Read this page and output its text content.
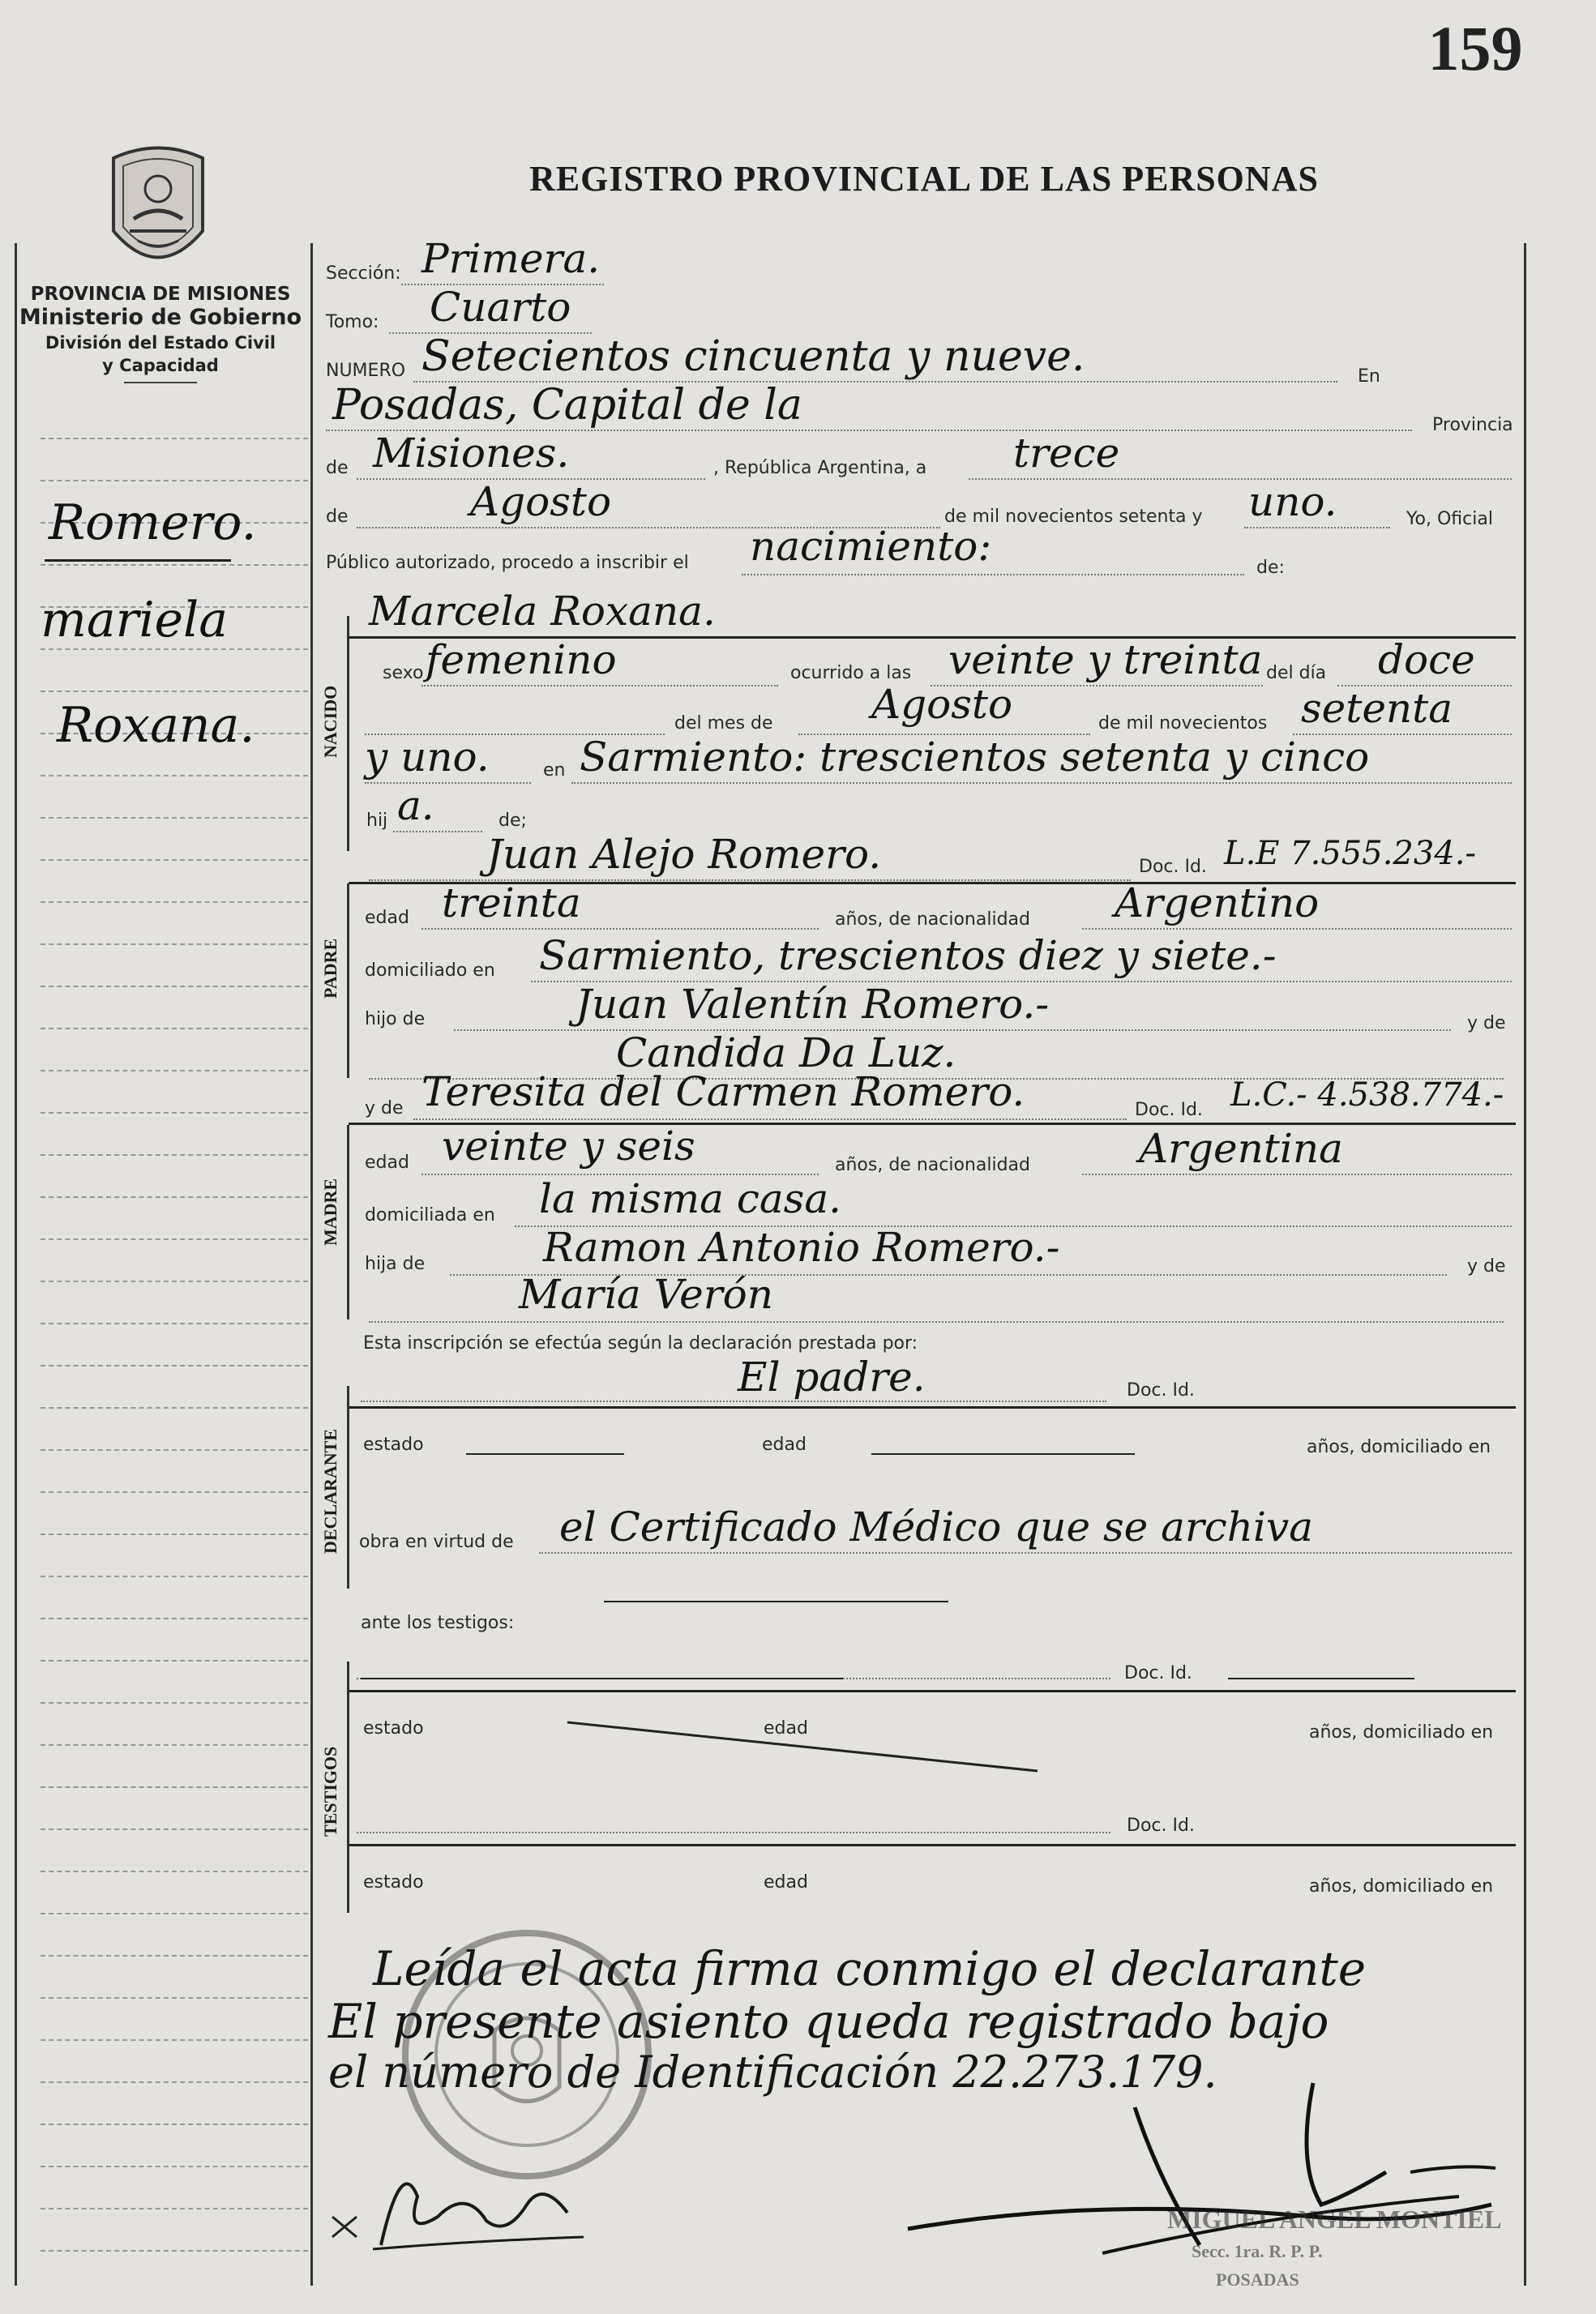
159
REGISTRO PROVINCIAL DE LAS PERSONAS
PROVINCIA DE MISIONES
Ministerio de Gobierno
División del Estado Civil
y Capacidad
Romero.
mariela
Roxana.
Sección: Primera.
Tomo: Cuarto
NUMERO Setecientos cincuenta y nueve.	En
Posadas, Capital de la	Provincia
de Misiones.	, República Argentina, a trece
de	Agosto	de mil novecientos setenta y uno.	Yo, Oficial
Público autorizado, procedo a inscribir el nacimiento:	de:
NACIDO
Marcela Roxana.
sexo femenino	ocurrido a las veinte y treinta del día doce
del mes de Agosto	de mil novecientos setenta
y uno.	en Sarmiento: trescientos setenta y cinco
hij a.	de;
Juan Alejo Romero.	Doc. Id. L.E 7.555.234.-
PADRE
edad treinta	años, de nacionalidad Argentino
domiciliado en Sarmiento, trescientos diez y siete.-
hijo de	Juan Valentín Romero.-	y de
Candida Da Luz.
y de Teresita del Carmen Romero.	Doc. Id. L.C.- 4.538.774.-
MADRE
edad veinte y seis	años, de nacionalidad	Argentina
domiciliada en la misma casa.
hija de	Ramon Antonio Romero.-	y de
María Verón
Esta inscripción se efectúa según la declaración prestada por:
El padre.	Doc. Id.
DECLARANTE estado	edad	años, domiciliado en
obra en virtud de el Certificado Médico que se archiva
ante los testigos:
TESTIGOS
Doc. Id.
estado	edad	años, domiciliado en
Doc. Id.
estado	edad	años, domiciliado en
Leída el acta firma conmigo el declarante
El presente asiento queda registrado bajo
el número de Identificación 22.273.179.
MIGUEL ANGEL MONTIEL
Secc. 1ra. R. P. P.
POSADAS
